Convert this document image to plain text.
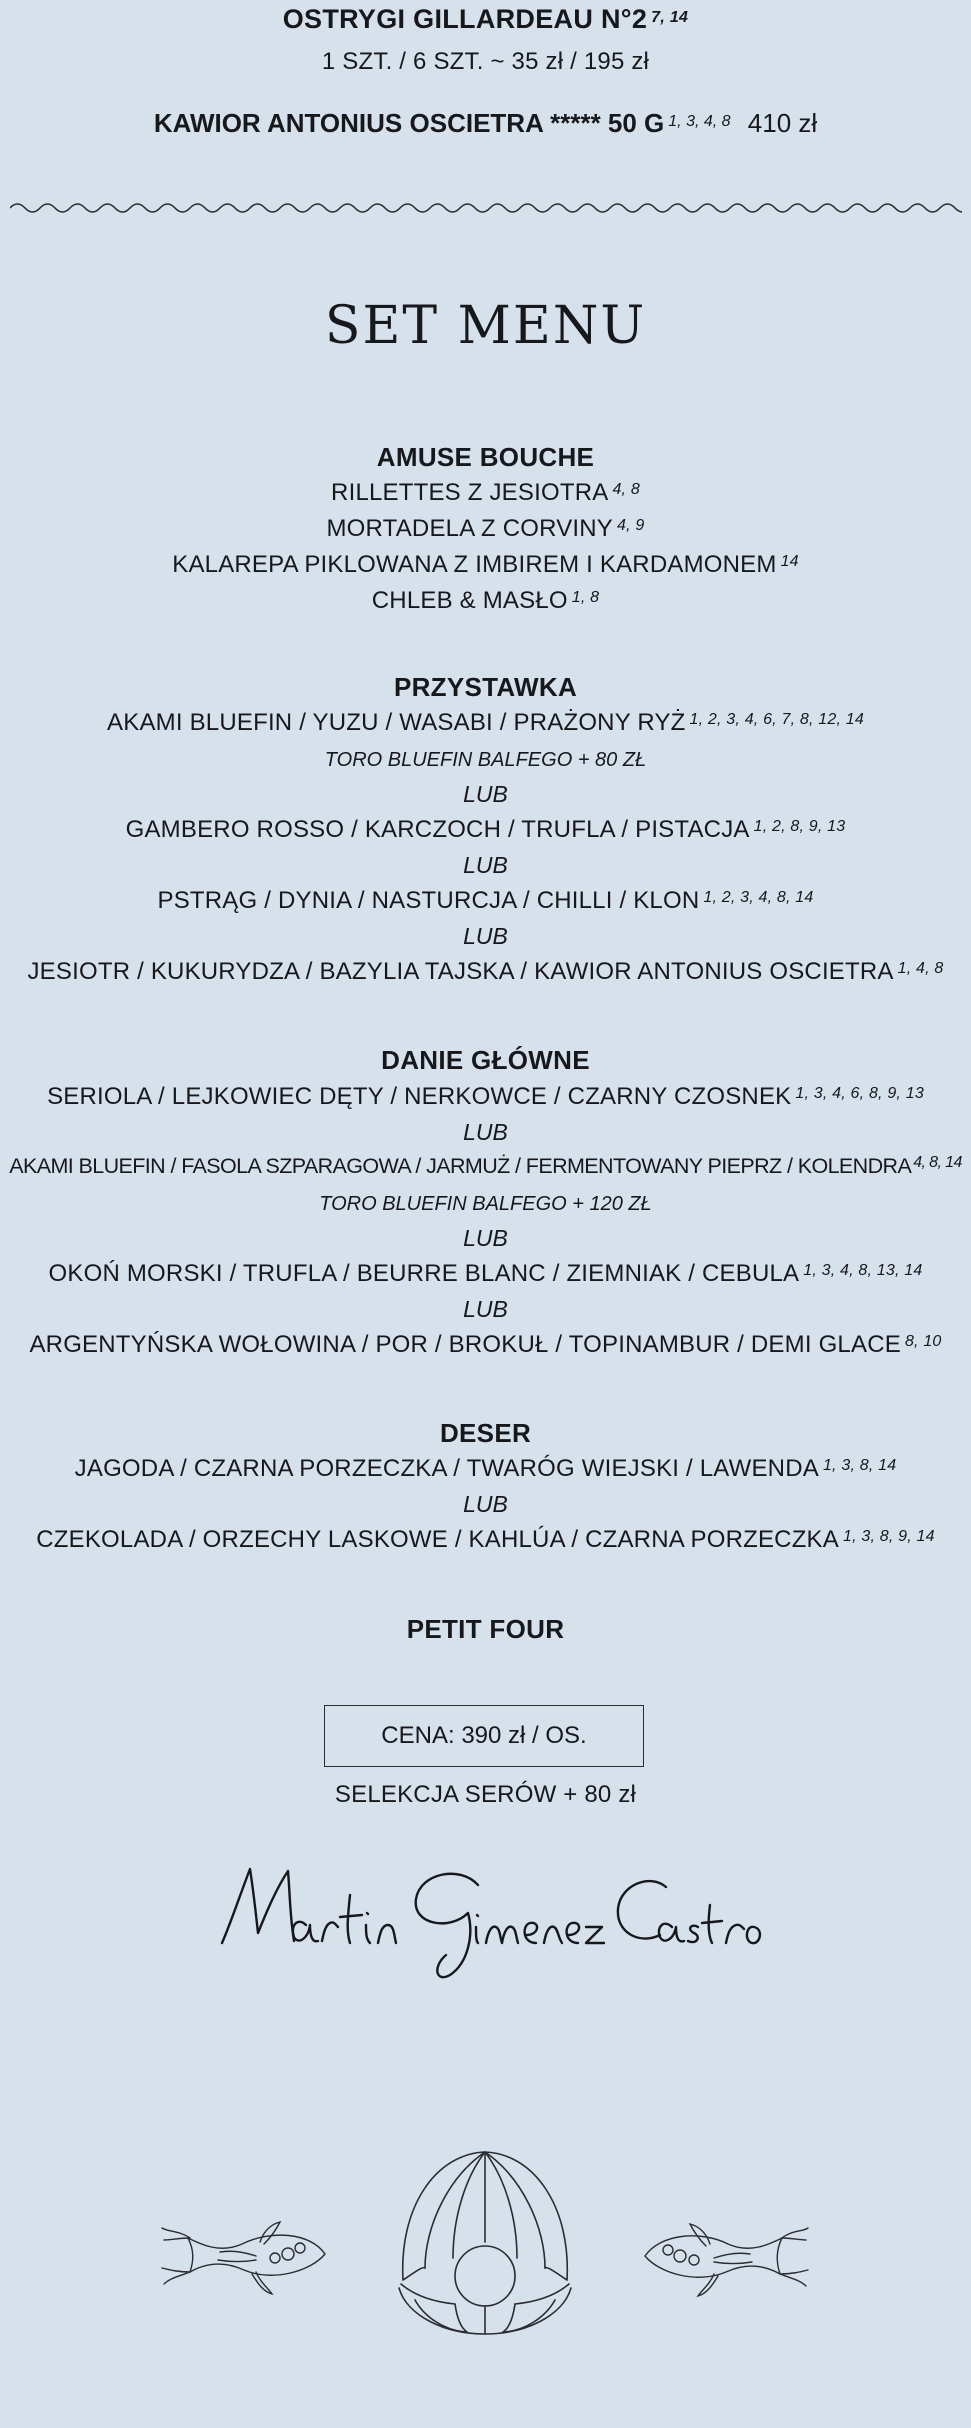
OSTRYGI GILLARDEAU N°2 $^{7, 14}$
1 SZT. / 6 SZT. ~ 35 zł / 195 zł
KAWIOR ANTONIUS OSCIETRA ***** 50 G $^{1, 3, 4, 8}$ 410 zł
SET MENU
AMUSE BOUCHE
RILLETTES Z JESIOTRA $^{4, 8}$
MORTADELA Z CORVINY $^{4, 9}$
KALAREPA PIKLOWANA Z IMBIREM I KARDAMONEM $^{14}$
CHLEB & MASŁO $^{1, 8}$
PRZYSTAWKA
AKAMI BLUEFIN / YUZU / WASABI / PRAŻONY RYŻ $^{1, 2, 3, 4, 6, 7, 8, 12, 14}$
TORO BLUEFIN BALFEGO + 80 ZŁ
LUB
GAMBERO ROSSO / KARCZOCH / TRUFLA / PISTACJA $^{1, 2, 8, 9, 13}$
LUB
PSTRĄG / DYNIA / NASTURCJA / CHILLI / KLON $^{1, 2, 3, 4, 8, 14}$
LUB
JESIOTR / KUKURYDZA / BAZYLIA TAJSKA / KAWIOR ANTONIUS OSCIETRA $^{1, 4, 8}$
DANIE GŁÓWNE
SERIOLA / LEJKOWIEC DĘTY / NERKOWCE / CZARNY CZOSNEK $^{1, 3, 4, 6, 8, 9, 13}$
LUB
AKAMI BLUEFIN / FASOLA SZPARAGOWA / JARMUŻ / FERMENTOWANY PIEPRZ / KOLENDRA $^{4, 8, 14}$
TORO BLUEFIN BALFEGO + 120 ZŁ
LUB
OKOŃ MORSKI / TRUFLA / BEURRE BLANC / ZIEMNIAK / CEBULA $^{1, 3, 4, 8, 13, 14}$
LUB
ARGENTYŃSKA WOŁOWINA / POR / BROKUŁ / TOPINAMBUR / DEMI GLACE $^{8, 10}$
DESER
JAGODA / CZARNA PORZECZKA / TWARÓG WIEJSKI / LAWENDA $^{1, 3, 8, 14}$
LUB
CZEKOLADA / ORZECHY LASKOWE / KAHLÚA / CZARNA PORZECZKA $^{1, 3, 8, 9, 14}$
PETIT FOUR
CENA: 390 zł / OS.
SELEKCJA SERÓW + 80 zł
